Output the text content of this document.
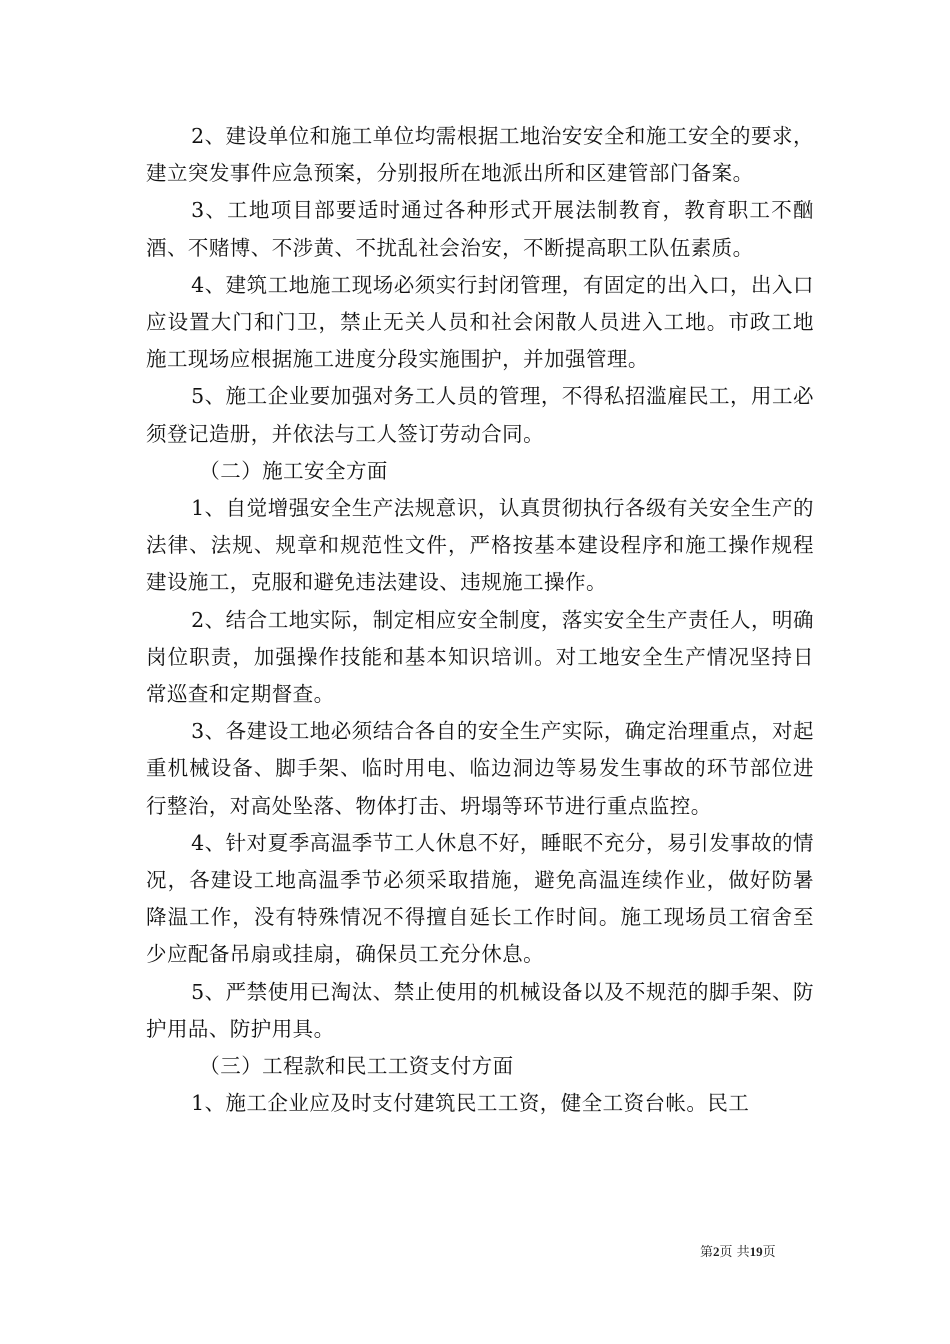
2、建设单位和施工单位均需根据工地治安安全和施工安全的要求，建立突发事件应急预案，分别报所在地派出所和区建管部门备案。

3、工地项目部要适时通过各种形式开展法制教育，教育职工不酗酒、不赌博、不涉黄、不扰乱社会治安，不断提高职工队伍素质。

4、建筑工地施工现场必须实行封闭管理，有固定的出入口，出入口应设置大门和门卫，禁止无关人员和社会闲散人员进入工地。市政工地施工现场应根据施工进度分段实施围护，并加强管理。

5、施工企业要加强对务工人员的管理，不得私招滥雇民工，用工必须登记造册，并依法与工人签订劳动合同。

（二）施工安全方面

1、自觉增强安全生产法规意识，认真贯彻执行各级有关安全生产的法律、法规、规章和规范性文件，严格按基本建设程序和施工操作规程建设施工，克服和避免违法建设、违规施工操作。

2、结合工地实际，制定相应安全制度，落实安全生产责任人，明确岗位职责，加强操作技能和基本知识培训。对工地安全生产情况坚持日常巡查和定期督查。

3、各建设工地必须结合各自的安全生产实际，确定治理重点，对起重机械设备、脚手架、临时用电、临边洞边等易发生事故的环节部位进行整治，对高处坠落、物体打击、坍塌等环节进行重点监控。

4、针对夏季高温季节工人休息不好，睡眠不充分，易引发事故的情况，各建设工地高温季节必须采取措施，避免高温连续作业，做好防暑降温工作，没有特殊情况不得擅自延长工作时间。施工现场员工宿舍至少应配备吊扇或挂扇，确保员工充分休息。

5、严禁使用已淘汰、禁止使用的机械设备以及不规范的脚手架、防护用品、防护用具。

（三）工程款和民工工资支付方面

1、施工企业应及时支付建筑民工工资，健全工资台帐。民工

第2页 共19页
